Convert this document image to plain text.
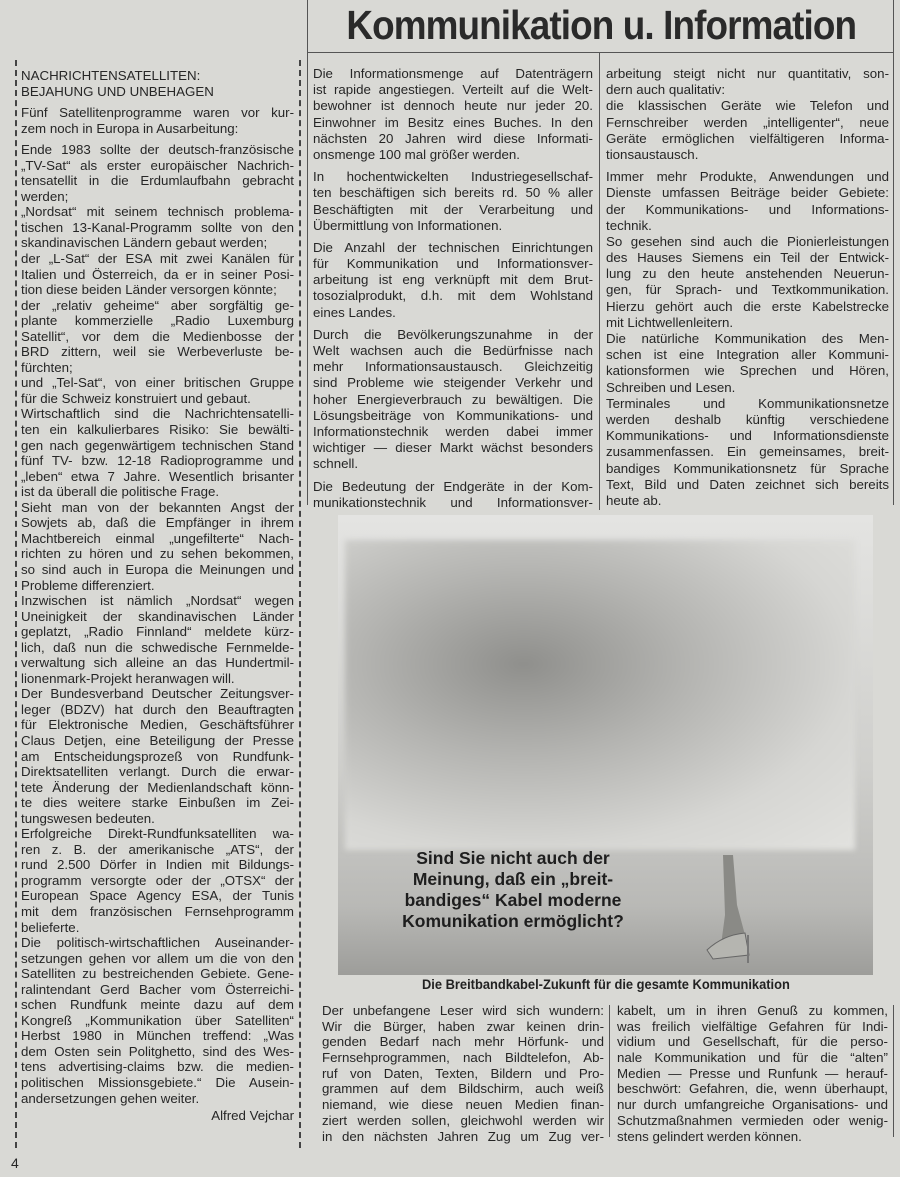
Kommunikation u. Information
NACHRICHTENSATELLITEN:
BEJAHUNG UND UNBEHAGEN
Fünf Satellitenprogramme waren vor kur-
zem noch in Europa in Ausarbeitung:
Ende 1983 sollte der deutsch-französische
„TV-Sat“ als erster europäischer Nachrich-
tensatellit in die Erdumlaufbahn gebracht
werden;
„Nordsat“ mit seinem technisch problema-
tischen 13-Kanal-Programm sollte von den
skandinavischen Ländern gebaut werden;
der „L-Sat“ der ESA mit zwei Kanälen für
Italien und Österreich, da er in seiner Posi-
tion diese beiden Länder versorgen könnte;
der „relativ geheime“ aber sorgfältig ge-
plante kommerzielle „Radio Luxemburg
Satellit“, vor dem die Medienbosse der
BRD zittern, weil sie Werbeverluste be-
fürchten;
und „Tel-Sat“, von einer britischen Gruppe
für die Schweiz konstruiert und gebaut.
Wirtschaftlich sind die Nachrichtensatelli-
ten ein kalkulierbares Risiko: Sie bewälti-
gen nach gegenwärtigem technischen Stand
fünf TV- bzw. 12-18 Radioprogramme und
„leben“ etwa 7 Jahre. Wesentlich brisanter
ist da überall die politische Frage.
Sieht man von der bekannten Angst der
Sowjets ab, daß die Empfänger in ihrem
Machtbereich einmal „ungefilterte“ Nach-
richten zu hören und zu sehen bekommen,
so sind auch in Europa die Meinungen und
Probleme differenziert.
Inzwischen ist nämlich „Nordsat“ wegen
Uneinigkeit der skandinavischen Länder
geplatzt, „Radio Finnland“ meldete kürz-
lich, daß nun die schwedische Fernmelde-
verwaltung sich alleine an das Hundertmil-
lionenmark-Projekt heranwagen will.
Der Bundesverband Deutscher Zeitungsver-
leger (BDZV) hat durch den Beauftragten
für Elektronische Medien, Geschäftsführer
Claus Detjen, eine Beteiligung der Presse
am Entscheidungsprozeß von Rundfunk-
Direktsatelliten verlangt. Durch die erwar-
tete Änderung der Medienlandschaft könn-
te dies weitere starke Einbußen im Zei-
tungswesen bedeuten.
Erfolgreiche Direkt-Rundfunksatelliten wa-
ren z. B. der amerikanische „ATS“, der
rund 2.500 Dörfer in Indien mit Bildungs-
programm versorgte oder der „OTSX“ der
European Space Agency ESA, der Tunis
mit dem französischen Fernsehprogramm
belieferte.
Die politisch-wirtschaftlichen Auseinander-
setzungen gehen vor allem um die von den
Satelliten zu bestreichenden Gebiete. Gene-
ralintendant Gerd Bacher vom Österreichi-
schen Rundfunk meinte dazu auf dem
Kongreß „Kommunikation über Satelliten“
Herbst 1980 in München treffend: „Was
dem Osten sein Politghetto, sind des Wes-
tens advertising-claims bzw. die medien-
politischen Missionsgebiete.“ Die Ausein-
andersetzungen gehen weiter.
Alfred Vejchar
Die Informationsmenge auf Datenträgern
ist rapide angestiegen. Verteilt auf die Welt-
bewohner ist dennoch heute nur jeder 20.
Einwohner im Besitz eines Buches. In den
nächsten 20 Jahren wird diese Informati-
onsmenge 100 mal größer werden.
In hochentwickelten Industriegesellschaf-
ten beschäftigen sich bereits rd. 50 % aller
Beschäftigten mit der Verarbeitung und
Übermittlung von Informationen.
Die Anzahl der technischen Einrichtungen
für Kommunikation und Informationsver-
arbeitung ist eng verknüpft mit dem Brut-
tosozialprodukt, d.h. mit dem Wohlstand
eines Landes.
Durch die Bevölkerungszunahme in der
Welt wachsen auch die Bedürfnisse nach
mehr Informationsaustausch. Gleichzeitig
sind Probleme wie steigender Verkehr und
hoher Energieverbrauch zu bewältigen. Die
Lösungsbeiträge von Kommunikations- und
Informationstechnik werden dabei immer
wichtiger — dieser Markt wächst besonders
schnell.
Die Bedeutung der Endgeräte in der Kom-
munikationstechnik und Informationsver-
arbeitung steigt nicht nur quantitativ, son-
dern auch qualitativ:
die klassischen Geräte wie Telefon und
Fernschreiber werden „intelligenter“, neue
Geräte ermöglichen vielfältigeren Informa-
tionsaustausch.
Immer mehr Produkte, Anwendungen und
Dienste umfassen Beiträge beider Gebiete:
der Kommunikations- und Informations-
technik.
So gesehen sind auch die Pionierleistungen
des Hauses Siemens ein Teil der Entwick-
lung zu den heute anstehenden Neuerun-
gen, für Sprach- und Textkommunikation.
Hierzu gehört auch die erste Kabelstrecke
mit Lichtwellenleitern.
Die natürliche Kommunikation des Men-
schen ist eine Integration aller Kommuni-
kationsformen wie Sprechen und Hören,
Schreiben und Lesen.
Terminales und Kommunikationsnetze
werden deshalb künftig verschiedene
Kommunikations- und Informationsdienste
zusammenfassen. Ein gemeinsames, breit-
bandiges Kommunikationsnetz für Sprache
Text, Bild und Daten zeichnet sich bereits
heute ab.
Sind Sie nicht auch der
Meinung, daß ein „breit-
bandiges“ Kabel moderne
Komunikation ermöglicht?
Die Breitbandkabel-Zukunft für die gesamte Kommunikation
Der unbefangene Leser wird sich wundern:
Wir die Bürger, haben zwar keinen drin-
genden Bedarf nach mehr Hörfunk- und
Fernsehprogrammen, nach Bildtelefon, Ab-
ruf von Daten, Texten, Bildern und Pro-
grammen auf dem Bildschirm, auch weiß
niemand, wie diese neuen Medien finan-
ziert werden sollen, gleichwohl werden wir
in den nächsten Jahren Zug um Zug ver-
kabelt, um in ihren Genuß zu kommen,
was freilich vielfältige Gefahren für Indi-
vidium und Gesellschaft, für die perso-
nale Kommunikation und für die “alten”
Medien — Presse und Runfunk — herauf-
beschwört: Gefahren, die, wenn überhaupt,
nur durch umfangreiche Organisations- und
Schutzmaßnahmen vermieden oder wenig-
stens gelindert werden können.
4
